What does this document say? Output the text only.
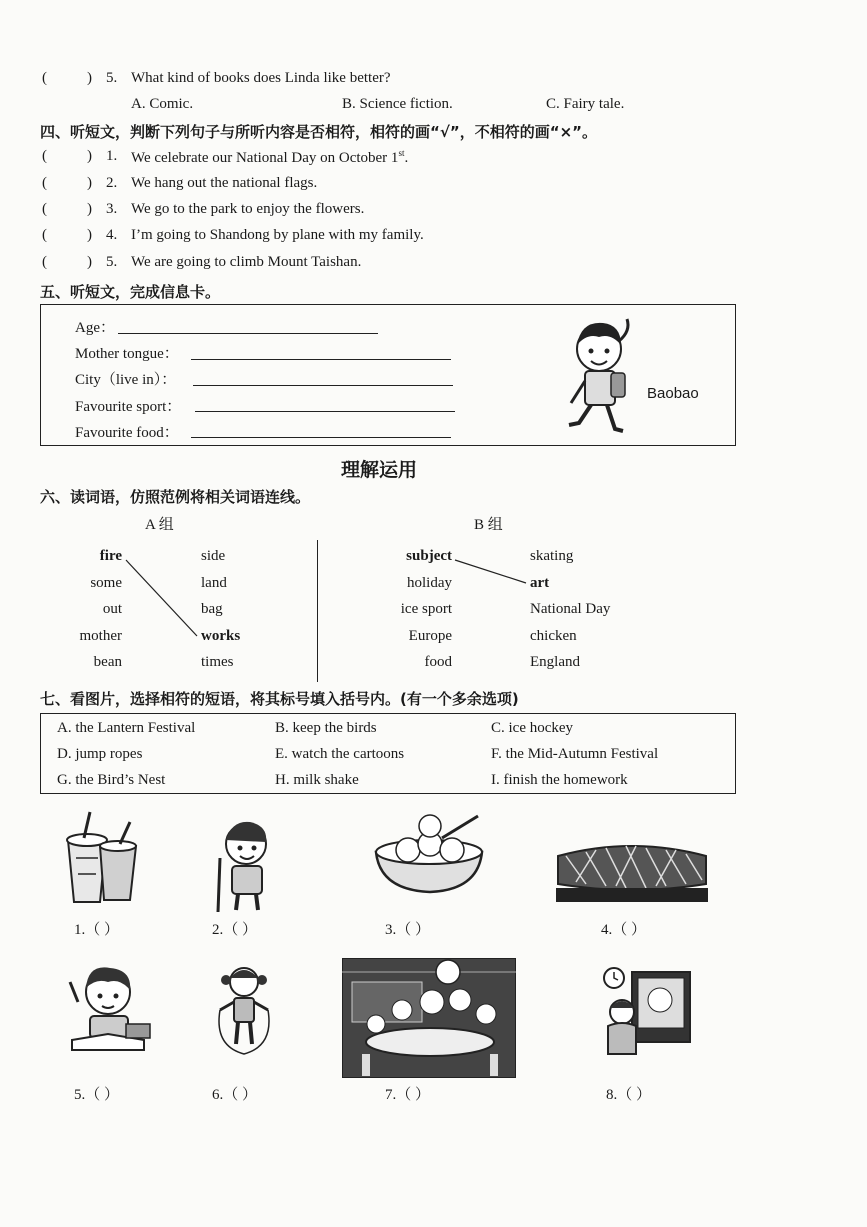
(	) 5. What kind of books does Linda like better?
A. Comic.	B. Science fiction.	C. Fairy tale.
四、听短文，判断下列句子与所听内容是否相符，相符的画“√”，不相符的画“×”。
(	) 1. We celebrate our National Day on October 1st.
(	) 2. We hang out the national flags.
(	) 3. We go to the park to enjoy the flowers.
(	) 4. I’m going to Shandong by plane with my family.
(	) 5. We are going to climb Mount Taishan.
五、听短文，完成信息卡。
Age：
Mother tongue：
City（live in）：
Favourite sport：
Favourite food：
Baobao
理解运用
六、读词语，仿照范例将相关词语连线。
A 组	B 组
fire
some
out
mother
bean
side
land
bag
works
times
subject
holiday
ice sport
Europe
food
skating
art
National Day
chicken
England
七、看图片，选择相符的短语，将其标号填入括号内。(有一个多余选项)
A. the Lantern Festival	B. keep the birds	C. ice hockey
D. jump ropes	E. watch the cartoons	F. the Mid-Autumn Festival
G. the Bird’s Nest	H. milk shake	I. finish the homework
1.（ ）	2.（ ）	3.（ ）	4.（ ）
5.（ ）	6.（ ）	7.（ ）	8.（ ）
